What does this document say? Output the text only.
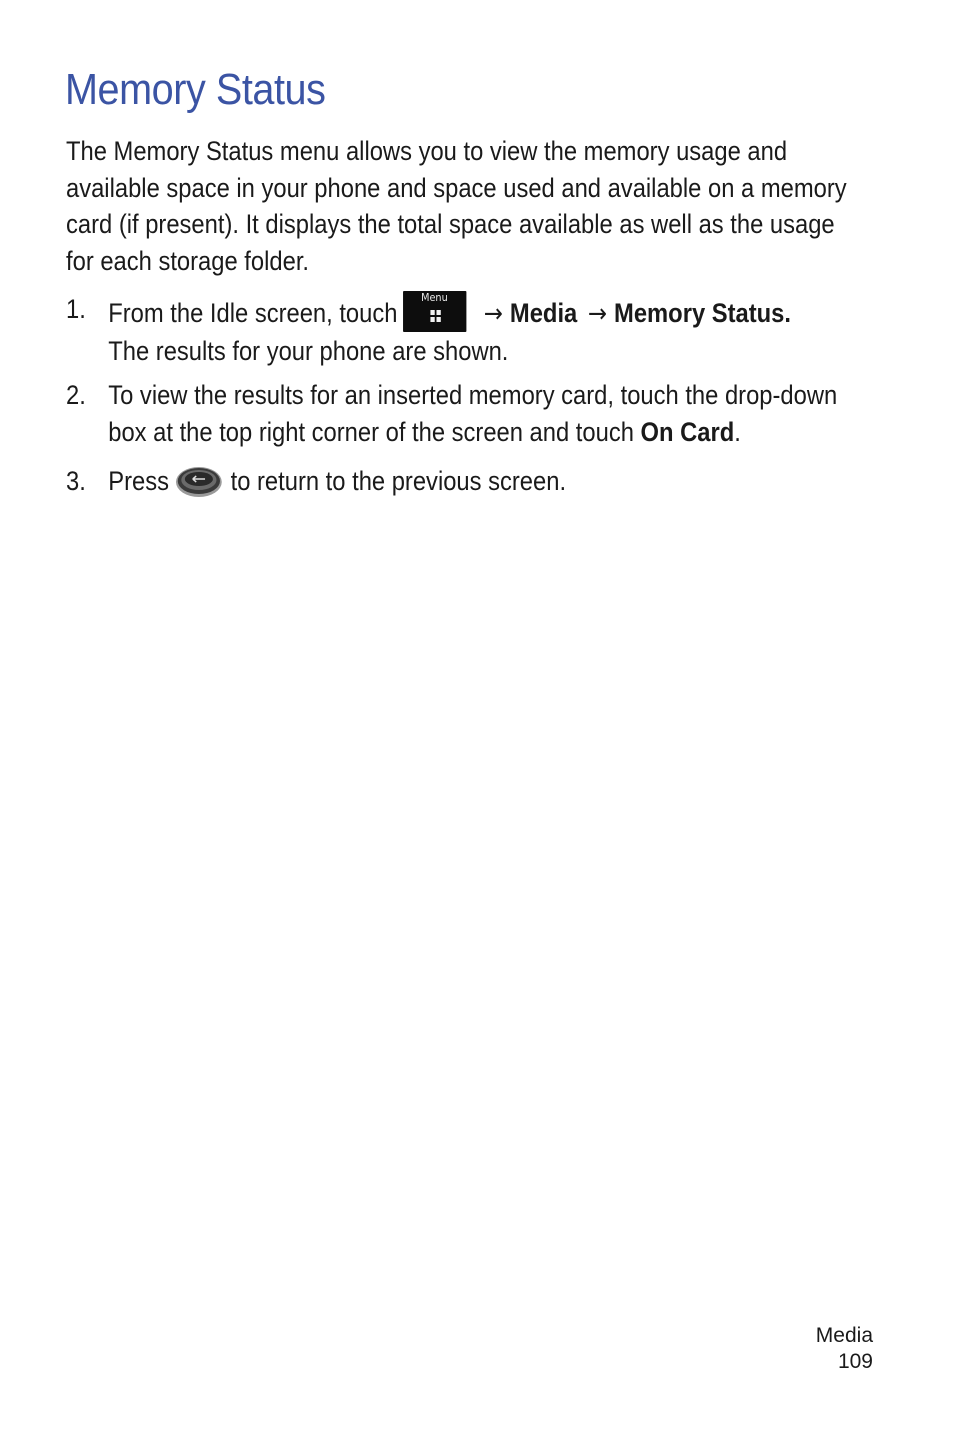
Memory Status

The Memory Status menu allows you to view the memory usage and available space in your phone and space used and available on a memory card (if present). It displays the total space available as well as the usage for each storage folder.

1. From the Idle screen, touch
Menu
→ Media → Memory Status.
The results for your phone are shown.
2. To view the results for an inserted memory card, touch the drop-down box at the top right corner of the screen and touch On Card.
3. Press to return to the previous screen.
Media
109
